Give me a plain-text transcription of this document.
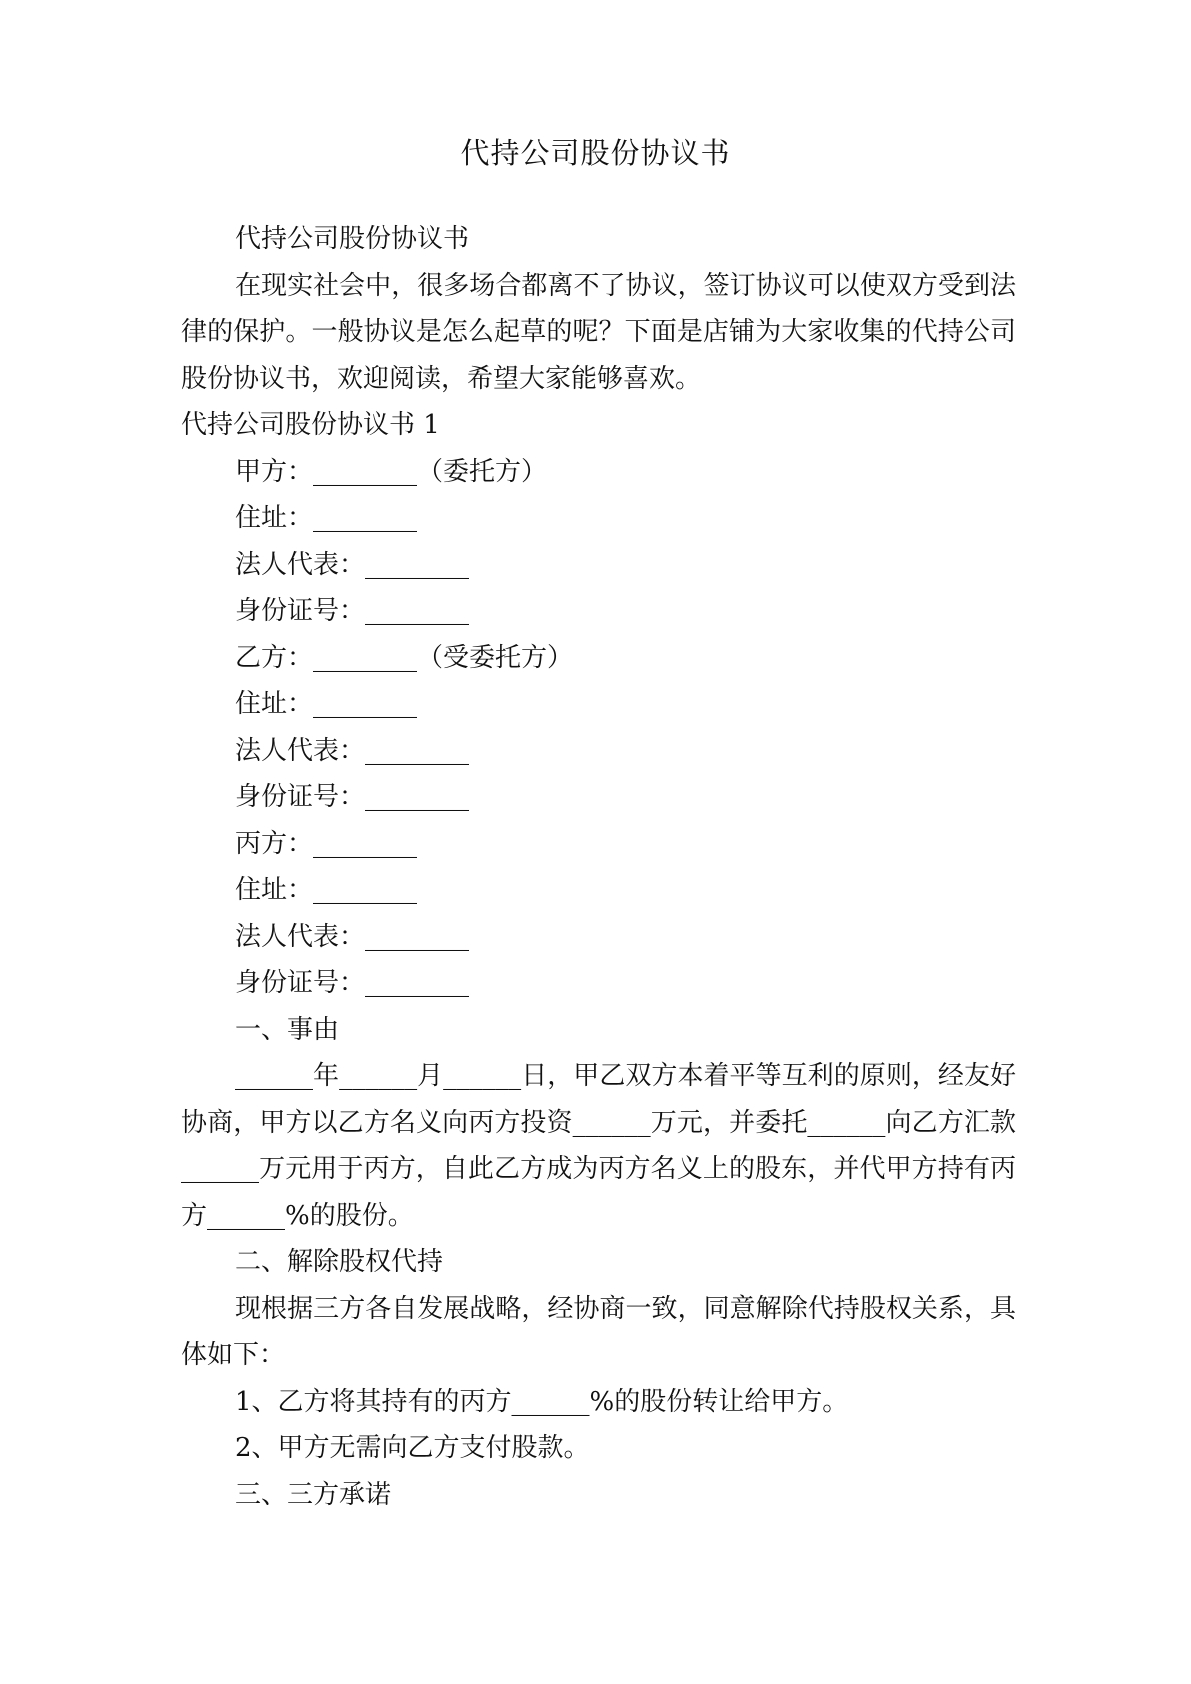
代持公司股份协议书

代持公司股份协议书

在现实社会中，很多场合都离不了协议，签订协议可以使双方受到法律的保护。一般协议是怎么起草的呢？下面是店铺为大家收集的代持公司股份协议书，欢迎阅读，希望大家能够喜欢。

代持公司股份协议书 1

甲方：________（委托方）

住址：________

法人代表：________

身份证号：________

乙方：________（受委托方）

住址：________

法人代表：________

身份证号：________

丙方：________

住址：________

法人代表：________

身份证号：________

一、事由

______年______月______日，甲乙双方本着平等互利的原则，经友好协商，甲方以乙方名义向丙方投资______万元，并委托______向乙方汇款______万元用于丙方，自此乙方成为丙方名义上的股东，并代甲方持有丙方______%的股份。

二、解除股权代持

现根据三方各自发展战略，经协商一致，同意解除代持股权关系，具体如下：

1、乙方将其持有的丙方______%的股份转让给甲方。

2、甲方无需向乙方支付股款。

三、三方承诺
